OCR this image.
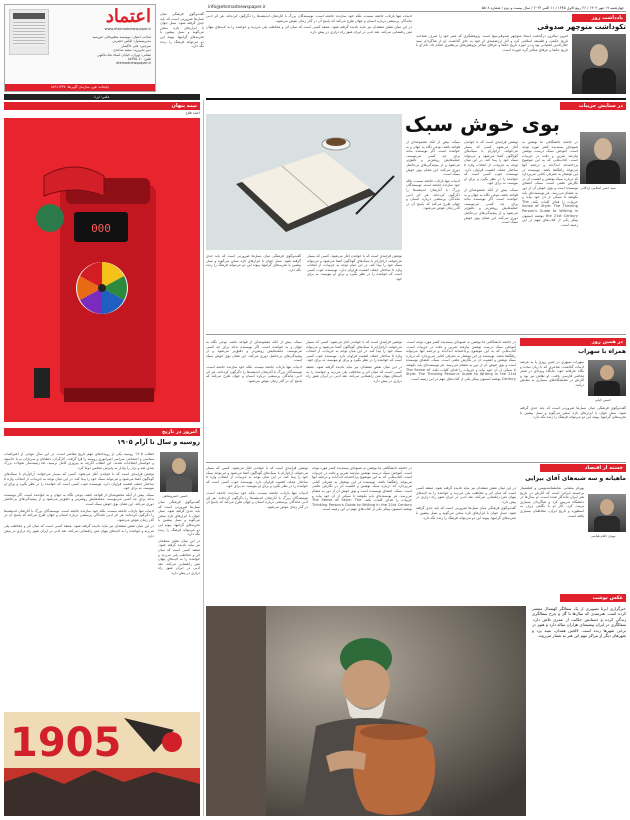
اعتماد
www.etemadnewspaper.ir
صاحب امتیاز: موسسه مطبوعاتی خورشید
مدیرمسئول: الیاس حضرتی
سردبیر: علی خاکسار
دبیر تحریریه: سعید ساعدی
نشانی: تهران، خیابان استاد نجات‌اللهی
تلفن: ۸۸۳۹۵۰۷۰
etemadnewspaper.ir
چاپخانه: هور، سازمان آگهی‌ها: ۸۸۹۱۱۳۳۷
info@etemadnewspaper.ir	چهارشنبه ۱۹ مهر ۱۴۰۲ / ۲۶ ربیع الاول ۱۴۴۵ / ۱۱ اکتبر ۲۰۲۳ / سال بیست و دوم / شماره ۵۵۰۸

گفت‌وگوی فرهنگی میان نسل‌ها ضرورتی است که باید جدی گرفته شود. نسل جوان با ابزارهای تازه سخن می‌گوید و نسل پیشین با تجربه‌های گرانبها. پیوند این دو می‌تواند فرهنگ را زنده نگه دارد.

یادداشت روز
تکوداشت منوچهر صدوقی

امروز سالروز درگذشت استاد منوچهر صدوقی‌سها است. پژوهشگری که عمر خود را صرف شناخت تاریخ حکمت و فلسفه اسلامی کرد و آثار ارزشمندی از خود به جای گذاشت. او از شاگردان سید جلال‌الدین آشتیانی بود و در حوزه تاریخ حکما و عرفای متأخر پژوهش‌های بی‌نظیری انجام داد. نام او با تاریخ حکما و عرفای متأخر گره خورده است.

ادبیات تنها بازتاب جامعه نیست، بلکه خود سازنده جامعه است. نویسندگان بزرگ با آثارشان اندیشه‌ها را دگرگون کرده‌اند. هر اثر ادبی ماندگار، پرسشی درباره انسان و جهان طرح می‌کند که پاسخ آن در گذر زمان عوض می‌شود.

در این میان نقش منتقدان نیز نباید نادیده گرفته شود. منتقد کسی است که میان اثر و مخاطب پلی می‌زند و خواننده را به لایه‌های پنهان متن راهنمایی می‌کند. نقد ادبی در ایران هنوز راه درازی در پیش دارد.

عکس: ایرنا
نیمه پنهان
احمد فلاح
000
امروز در تاریخ
روسیه و سال نا آرام ۱۹۰۵
حسین خسروشاهی

انقلاب ۱۹۰۵ روسیه یکی از رویدادهای مهم تاریخ معاصر است. در این سال موجی از اعتراضات سیاسی و اجتماعی سراسر امپراتوری روسیه را فرا گرفت. کارگران، دهقانان و سربازان به پا خاستند و خواستار اصلاحات شدند. این انقلاب اگرچه به پیروزی کامل نرسید، اما زمینه‌ساز تحولات بزرگ بعدی شد و تزار را وادار به پذیرش مجلس دوما کرد.

نوشتن فرایندی است که با خواندن آغاز می‌شود. کسی که بسیار می‌خواند، آرام‌آرام با سبک‌های گوناگون آشنا می‌شود و می‌تواند سبک خود را پیدا کند. در این میان توجه به جزییات، از انتخاب واژه تا ساختار جمله، اهمیت فراوان دارد. نویسنده خوب کسی است که خواننده را در نظر بگیرد و برای او بنویسد، نه برای خود.

سبک، بیش از آنکه مجموعه‌ای از قواعد باشد، نوعی نگاه به جهان و به خواننده است. اگر نویسنده بداند برای چه کسی می‌نویسد، جمله‌هایش روشن‌تر و دقیق‌تر می‌شود و از پیچیدگی‌های بی‌حاصل دوری می‌کند. این همان بوی خوش سبک است.

ادبیات تنها بازتاب جامعه نیست، بلکه خود سازنده جامعه است. نویسندگان بزرگ با آثارشان اندیشه‌ها را دگرگون کرده‌اند. هر اثر ادبی ماندگار، پرسشی درباره انسان و جهان طرح می‌کند که پاسخ آن در گذر زمان عوض می‌شود.

در این میان نقش منتقدان نیز نباید نادیده گرفته شود. منتقد کسی است که میان اثر و مخاطب پلی می‌زند و خواننده را به لایه‌های پنهان متن راهنمایی می‌کند. نقد ادبی در ایران هنوز راه درازی در پیش دارد.

گفت‌وگوی فرهنگی میان نسل‌ها ضرورتی است که باید جدی گرفته شود. نسل جوان با ابزارهای تازه سخن می‌گوید و نسل پیشین با تجربه‌های گرانبها. پیوند این دو می‌تواند فرهنگ را زنده نگه دارد.

در این میان نقش منتقدان نیز نباید نادیده گرفته شود. منتقد کسی است که میان اثر و مخاطب پلی می‌زند و خواننده را به لایه‌های پنهان متن راهنمایی می‌کند. نقد ادبی در ایران هنوز راه درازی در پیش دارد.

1905
در ستایش جزییات
بوی خوش سبک
سید حسن اسلامی اردکانی

در جامعه دانشگاهی ما نوشتن به شیوه‌ای پسندیده کمتر مورد توجه است. آموختن سبک درست نوشتن نیازمند تمرین و دقت در جزییات است. کتاب‌هایی که به این موضوع پرداخته‌اند اندک‌اند و ترجمه آنها می‌تواند راهگشا باشد. نویسنده در این نوشتار به معرفی کتابی می‌پردازد که درباره سبک نوشتن و اهمیت آن در نگارش علمی است. سبک، امضای نویسنده است و بوی خوش آن از دور به مشام می‌رسد. هر نویسنده‌ای باید بکوشد تا سبکی از آن خود بیابد و جزییات را فدای کلیات نکند. The Sense of Style: The Thinking Person's Guide to Writing in the 21st Century نوشته استیون پینکر یکی از کتاب‌های مهم در این زمینه است.

نوشتن فرایندی است که با خواندن آغاز می‌شود. کسی که بسیار می‌خواند، آرام‌آرام با سبک‌های گوناگون آشنا می‌شود و می‌تواند سبک خود را پیدا کند. در این میان توجه به جزییات، از انتخاب واژه تا ساختار جمله، اهمیت فراوان دارد. نویسنده خوب کسی است که خواننده را در نظر بگیرد و برای او بنویسد، نه برای خود.

سبک، بیش از آنکه مجموعه‌ای از قواعد باشد، نوعی نگاه به جهان و به خواننده است. اگر نویسنده بداند برای چه کسی می‌نویسد، جمله‌هایش روشن‌تر و دقیق‌تر می‌شود و از پیچیدگی‌های بی‌حاصل دوری می‌کند. این همان بوی خوش سبک است.

سبک، بیش از آنکه مجموعه‌ای از قواعد باشد، نوعی نگاه به جهان و به خواننده است. اگر نویسنده بداند برای چه کسی می‌نویسد، جمله‌هایش روشن‌تر و دقیق‌تر می‌شود و از پیچیدگی‌های بی‌حاصل دوری می‌کند. این همان بوی خوش سبک است.

ادبیات تنها بازتاب جامعه نیست، بلکه خود سازنده جامعه است. نویسندگان بزرگ با آثارشان اندیشه‌ها را دگرگون کرده‌اند. هر اثر ادبی ماندگار، پرسشی درباره انسان و جهان طرح می‌کند که پاسخ آن در گذر زمان عوض می‌شود.

نوشتن فرایندی است که با خواندن آغاز می‌شود. کسی که بسیار می‌خواند، آرام‌آرام با سبک‌های گوناگون آشنا می‌شود و می‌تواند سبک خود را پیدا کند. در این میان توجه به جزییات، از انتخاب واژه تا ساختار جمله، اهمیت فراوان دارد. نویسنده خوب کسی است که خواننده را در نظر بگیرد و برای او بنویسد، نه برای خود.

گفت‌وگوی فرهنگی میان نسل‌ها ضرورتی است که باید جدی گرفته شود. نسل جوان با ابزارهای تازه سخن می‌گوید و نسل پیشین با تجربه‌های گرانبها. پیوند این دو می‌تواند فرهنگ را زنده نگه دارد.

در جامعه دانشگاهی ما نوشتن به شیوه‌ای پسندیده کمتر مورد توجه است. آموختن سبک درست نوشتن نیازمند تمرین و دقت در جزییات است. کتاب‌هایی که به این موضوع پرداخته‌اند اندک‌اند و ترجمه آنها می‌تواند راهگشا باشد. نویسنده در این نوشتار به معرفی کتابی می‌پردازد که درباره سبک نوشتن و اهمیت آن در نگارش علمی است. سبک، امضای نویسنده است و بوی خوش آن از دور به مشام می‌رسد. هر نویسنده‌ای باید بکوشد تا سبکی از آن خود بیابد و جزییات را فدای کلیات نکند. The Sense of Style: The Thinking Person's Guide to Writing in the 21st Century نوشته استیون پینکر یکی از کتاب‌های مهم در این زمینه است.

نوشتن فرایندی است که با خواندن آغاز می‌شود. کسی که بسیار می‌خواند، آرام‌آرام با سبک‌های گوناگون آشنا می‌شود و می‌تواند سبک خود را پیدا کند. در این میان توجه به جزییات، از انتخاب واژه تا ساختار جمله، اهمیت فراوان دارد. نویسنده خوب کسی است که خواننده را در نظر بگیرد و برای او بنویسد، نه برای خود.

در این میان نقش منتقدان نیز نباید نادیده گرفته شود. منتقد کسی است که میان اثر و مخاطب پلی می‌زند و خواننده را به لایه‌های پنهان متن راهنمایی می‌کند. نقد ادبی در ایران هنوز راه درازی در پیش دارد.

سبک، بیش از آنکه مجموعه‌ای از قواعد باشد، نوعی نگاه به جهان و به خواننده است. اگر نویسنده بداند برای چه کسی می‌نویسد، جمله‌هایش روشن‌تر و دقیق‌تر می‌شود و از پیچیدگی‌های بی‌حاصل دوری می‌کند. این همان بوی خوش سبک است.

ادبیات تنها بازتاب جامعه نیست، بلکه خود سازنده جامعه است. نویسندگان بزرگ با آثارشان اندیشه‌ها را دگرگون کرده‌اند. هر اثر ادبی ماندگار، پرسشی درباره انسان و جهان طرح می‌کند که پاسخ آن در گذر زمان عوض می‌شود.

در همین روز
همراه با سهراب
حسین کیانی

سهراب سپهری در چنین روزی پا به عرصه ادبیات گذاشت. شاعری که با زبان ساده و نگاه عارفانه خود، جایگاه ویژه‌ای در شعر معاصر فارسی یافت. او نقاش نیز بود و آثارش در نمایشگاه‌های بسیاری به نمایش درآمد.

گفت‌وگوی فرهنگی میان نسل‌ها ضرورتی است که باید جدی گرفته شود. نسل جوان با ابزارهای تازه سخن می‌گوید و نسل پیشین با تجربه‌های گرانبها. پیوند این دو می‌تواند فرهنگ را زنده نگه دارد.

خسته از اقتصاد
ماهیانه و سه شبه‌های آقای بیزایی
مهدی خلجی‌قیاسی

بهرام بیضایی نمایشنامه‌نویس و فیلمساز برجسته ایرانی است که آثارش در تاریخ هنر ایران ماندگار شده است. او سال‌ها در دانشگاه تدریس کرد و شاگردان بسیاری تربیت کرد. آثار او با نگاهی ژرف به اسطوره و تاریخ ایران، مخاطبان بسیاری یافته است.

در این میان نقش منتقدان نیز نباید نادیده گرفته شود. منتقد کسی است که میان اثر و مخاطب پلی می‌زند و خواننده را به لایه‌های پنهان متن راهنمایی می‌کند. نقد ادبی در ایران هنوز راه درازی در پیش دارد.

گفت‌وگوی فرهنگی میان نسل‌ها ضرورتی است که باید جدی گرفته شود. نسل جوان با ابزارهای تازه سخن می‌گوید و نسل پیشین با تجربه‌های گرانبها. پیوند این دو می‌تواند فرهنگ را زنده نگه دارد.

در جامعه دانشگاهی ما نوشتن به شیوه‌ای پسندیده کمتر مورد توجه است. آموختن سبک درست نوشتن نیازمند تمرین و دقت در جزییات است. کتاب‌هایی که به این موضوع پرداخته‌اند اندک‌اند و ترجمه آنها می‌تواند راهگشا باشد. نویسنده در این نوشتار به معرفی کتابی می‌پردازد که درباره سبک نوشتن و اهمیت آن در نگارش علمی است. سبک، امضای نویسنده است و بوی خوش آن از دور به مشام می‌رسد. هر نویسنده‌ای باید بکوشد تا سبکی از آن خود بیابد و جزییات را فدای کلیات نکند. The Sense of Style: The Thinking Person's Guide to Writing in the 21st Century نوشته استیون پینکر یکی از کتاب‌های مهم در این زمینه است.

نوشتن فرایندی است که با خواندن آغاز می‌شود. کسی که بسیار می‌خواند، آرام‌آرام با سبک‌های گوناگون آشنا می‌شود و می‌تواند سبک خود را پیدا کند. در این میان توجه به جزییات، از انتخاب واژه تا ساختار جمله، اهمیت فراوان دارد. نویسنده خوب کسی است که خواننده را در نظر بگیرد و برای او بنویسد، نه برای خود.

ادبیات تنها بازتاب جامعه نیست، بلکه خود سازنده جامعه است. نویسندگان بزرگ با آثارشان اندیشه‌ها را دگرگون کرده‌اند. هر اثر ادبی ماندگار، پرسشی درباره انسان و جهان طرح می‌کند که پاسخ آن در گذر زمان عوض می‌شود.

عکس نوشت

خبرگزاری ایرنا تصویری از یک سفالگر کهنسال منتشر کرده است. هنرمندی که سال‌ها با گل و چرخ سفالگری زندگی کرده و دستانش حکایت از عمری تلاش دارد. سفالگری در ایران پیشینه‌ای هزاران ساله دارد و هنوز در برخی شهرها زنده است. لالجین همدان، میبد یزد و شهرهای دیگر از مراکز مهم این هنر به شمار می‌روند.
